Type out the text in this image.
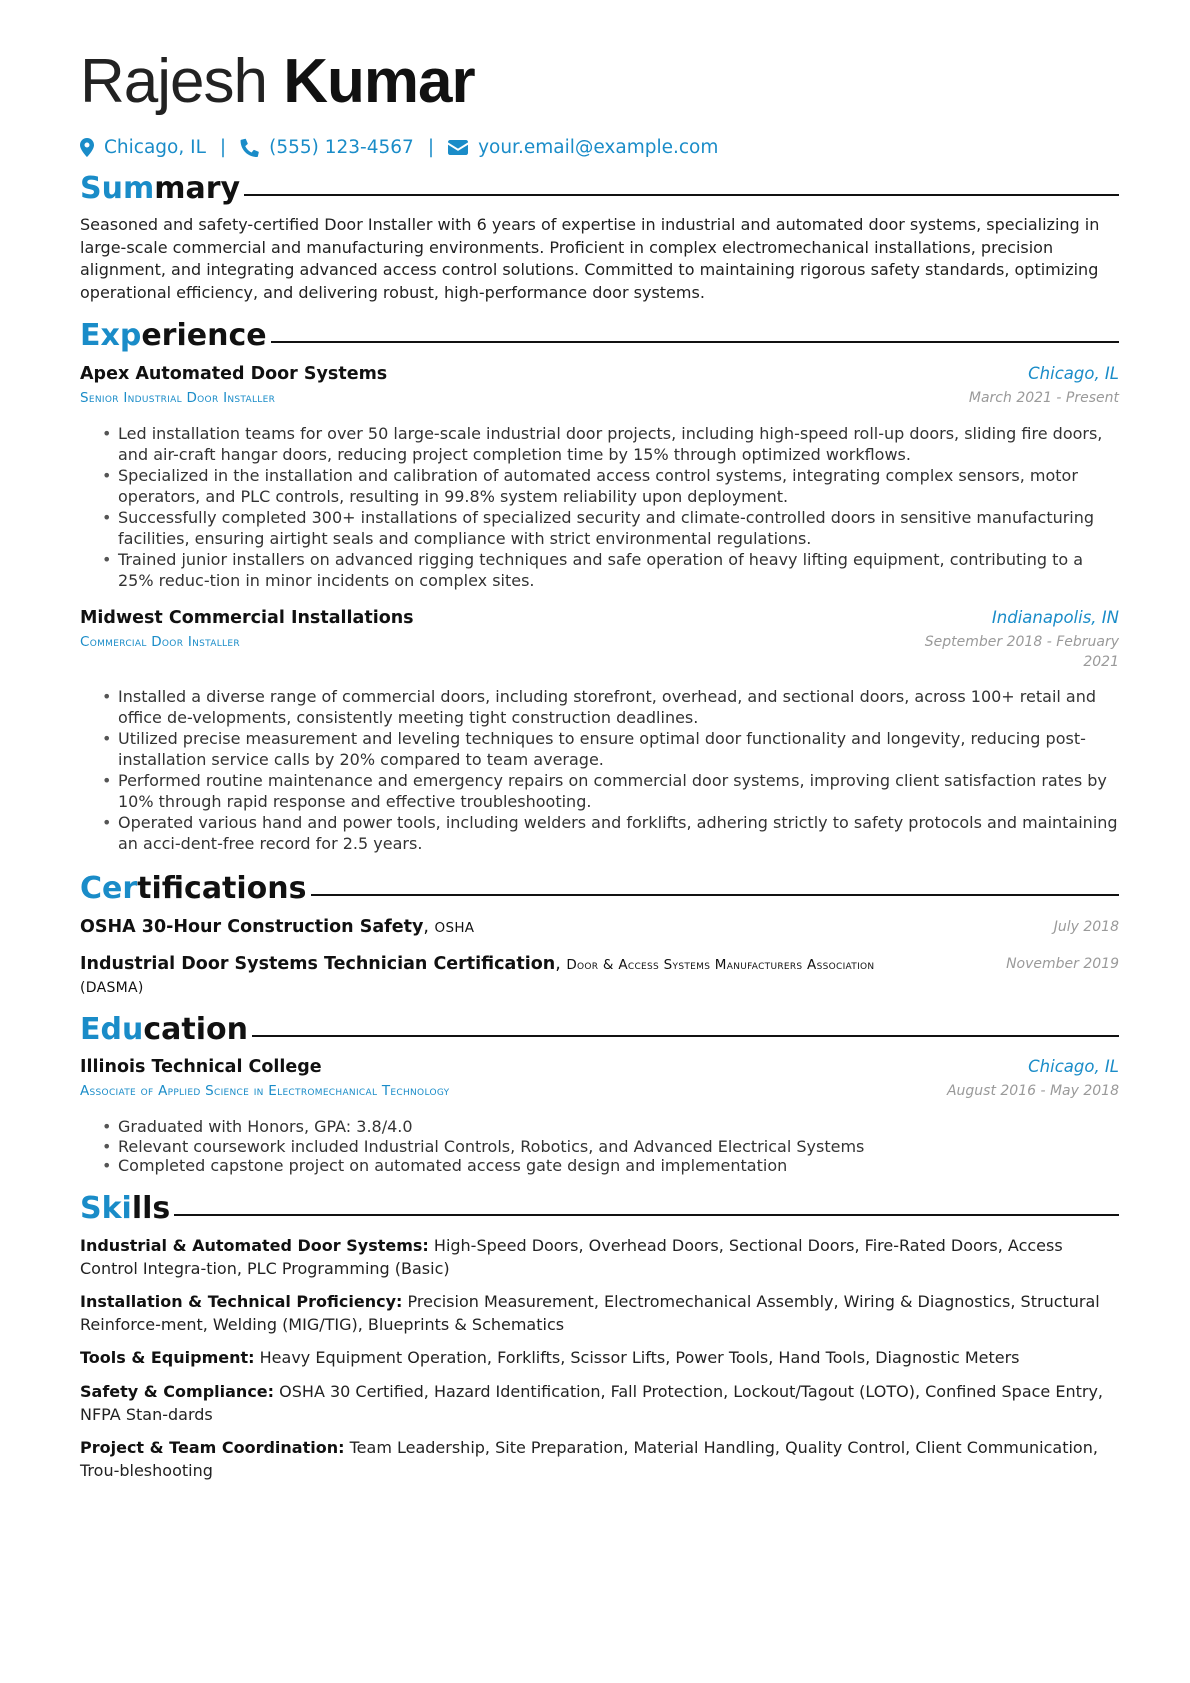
Rajesh Kumar
Chicago, IL | (555) 123-4567 | your.email@example.com
Summary
Seasoned and safety-certified Door Installer with 6 years of expertise in industrial and automated door systems, specializing in large-scale commercial and manufacturing environments. Proficient in complex electromechanical installations, precision alignment, and integrating advanced access control solutions. Committed to maintaining rigorous safety standards, optimizing operational efficiency, and delivering robust, high-performance door systems.
Experience
Apex Automated Door Systems
Senior Industrial Door Installer
Chicago, IL
March 2021 - Present
• Led installation teams for over 50 large-scale industrial door projects, including high-speed roll-up doors, sliding fire doors, and air-craft hangar doors, reducing project completion time by 15% through optimized workflows.
• Specialized in the installation and calibration of automated access control systems, integrating complex sensors, motor operators, and PLC controls, resulting in 99.8% system reliability upon deployment.
• Successfully completed 300+ installations of specialized security and climate-controlled doors in sensitive manufacturing facilities, ensuring airtight seals and compliance with strict environmental regulations.
• Trained junior installers on advanced rigging techniques and safe operation of heavy lifting equipment, contributing to a 25% reduc-tion in minor incidents on complex sites.
Midwest Commercial Installations
Commercial Door Installer
Indianapolis, IN
September 2018 - February
2021
• Installed a diverse range of commercial doors, including storefront, overhead, and sectional doors, across 100+ retail and office de-velopments, consistently meeting tight construction deadlines.
• Utilized precise measurement and leveling techniques to ensure optimal door functionality and longevity, reducing post-installation service calls by 20% compared to team average.
• Performed routine maintenance and emergency repairs on commercial door systems, improving client satisfaction rates by 10% through rapid response and effective troubleshooting.
• Operated various hand and power tools, including welders and forklifts, adhering strictly to safety protocols and maintaining an acci-dent-free record for 2.5 years.
Certifications
OSHA 30-Hour Construction Safety, OSHA	July 2018
Industrial Door Systems Technician Certification, Door & Access Systems Manufacturers Association
(DASMA)
November 2019
Education
Illinois Technical College
Associate of Applied Science in Electromechanical Technology
Chicago, IL
August 2016 - May 2018
• Graduated with Honors, GPA: 3.8/4.0
• Relevant coursework included Industrial Controls, Robotics, and Advanced Electrical Systems
• Completed capstone project on automated access gate design and implementation
Skills
Industrial & Automated Door Systems: High-Speed Doors, Overhead Doors, Sectional Doors, Fire-Rated Doors, Access Control Integra-tion, PLC Programming (Basic)
Installation & Technical Proficiency: Precision Measurement, Electromechanical Assembly, Wiring & Diagnostics, Structural Reinforce-ment, Welding (MIG/TIG), Blueprints & Schematics
Tools & Equipment: Heavy Equipment Operation, Forklifts, Scissor Lifts, Power Tools, Hand Tools, Diagnostic Meters
Safety & Compliance: OSHA 30 Certified, Hazard Identification, Fall Protection, Lockout/Tagout (LOTO), Confined Space Entry, NFPA Stan-dards
Project & Team Coordination: Team Leadership, Site Preparation, Material Handling, Quality Control, Client Communication, Trou-bleshooting
